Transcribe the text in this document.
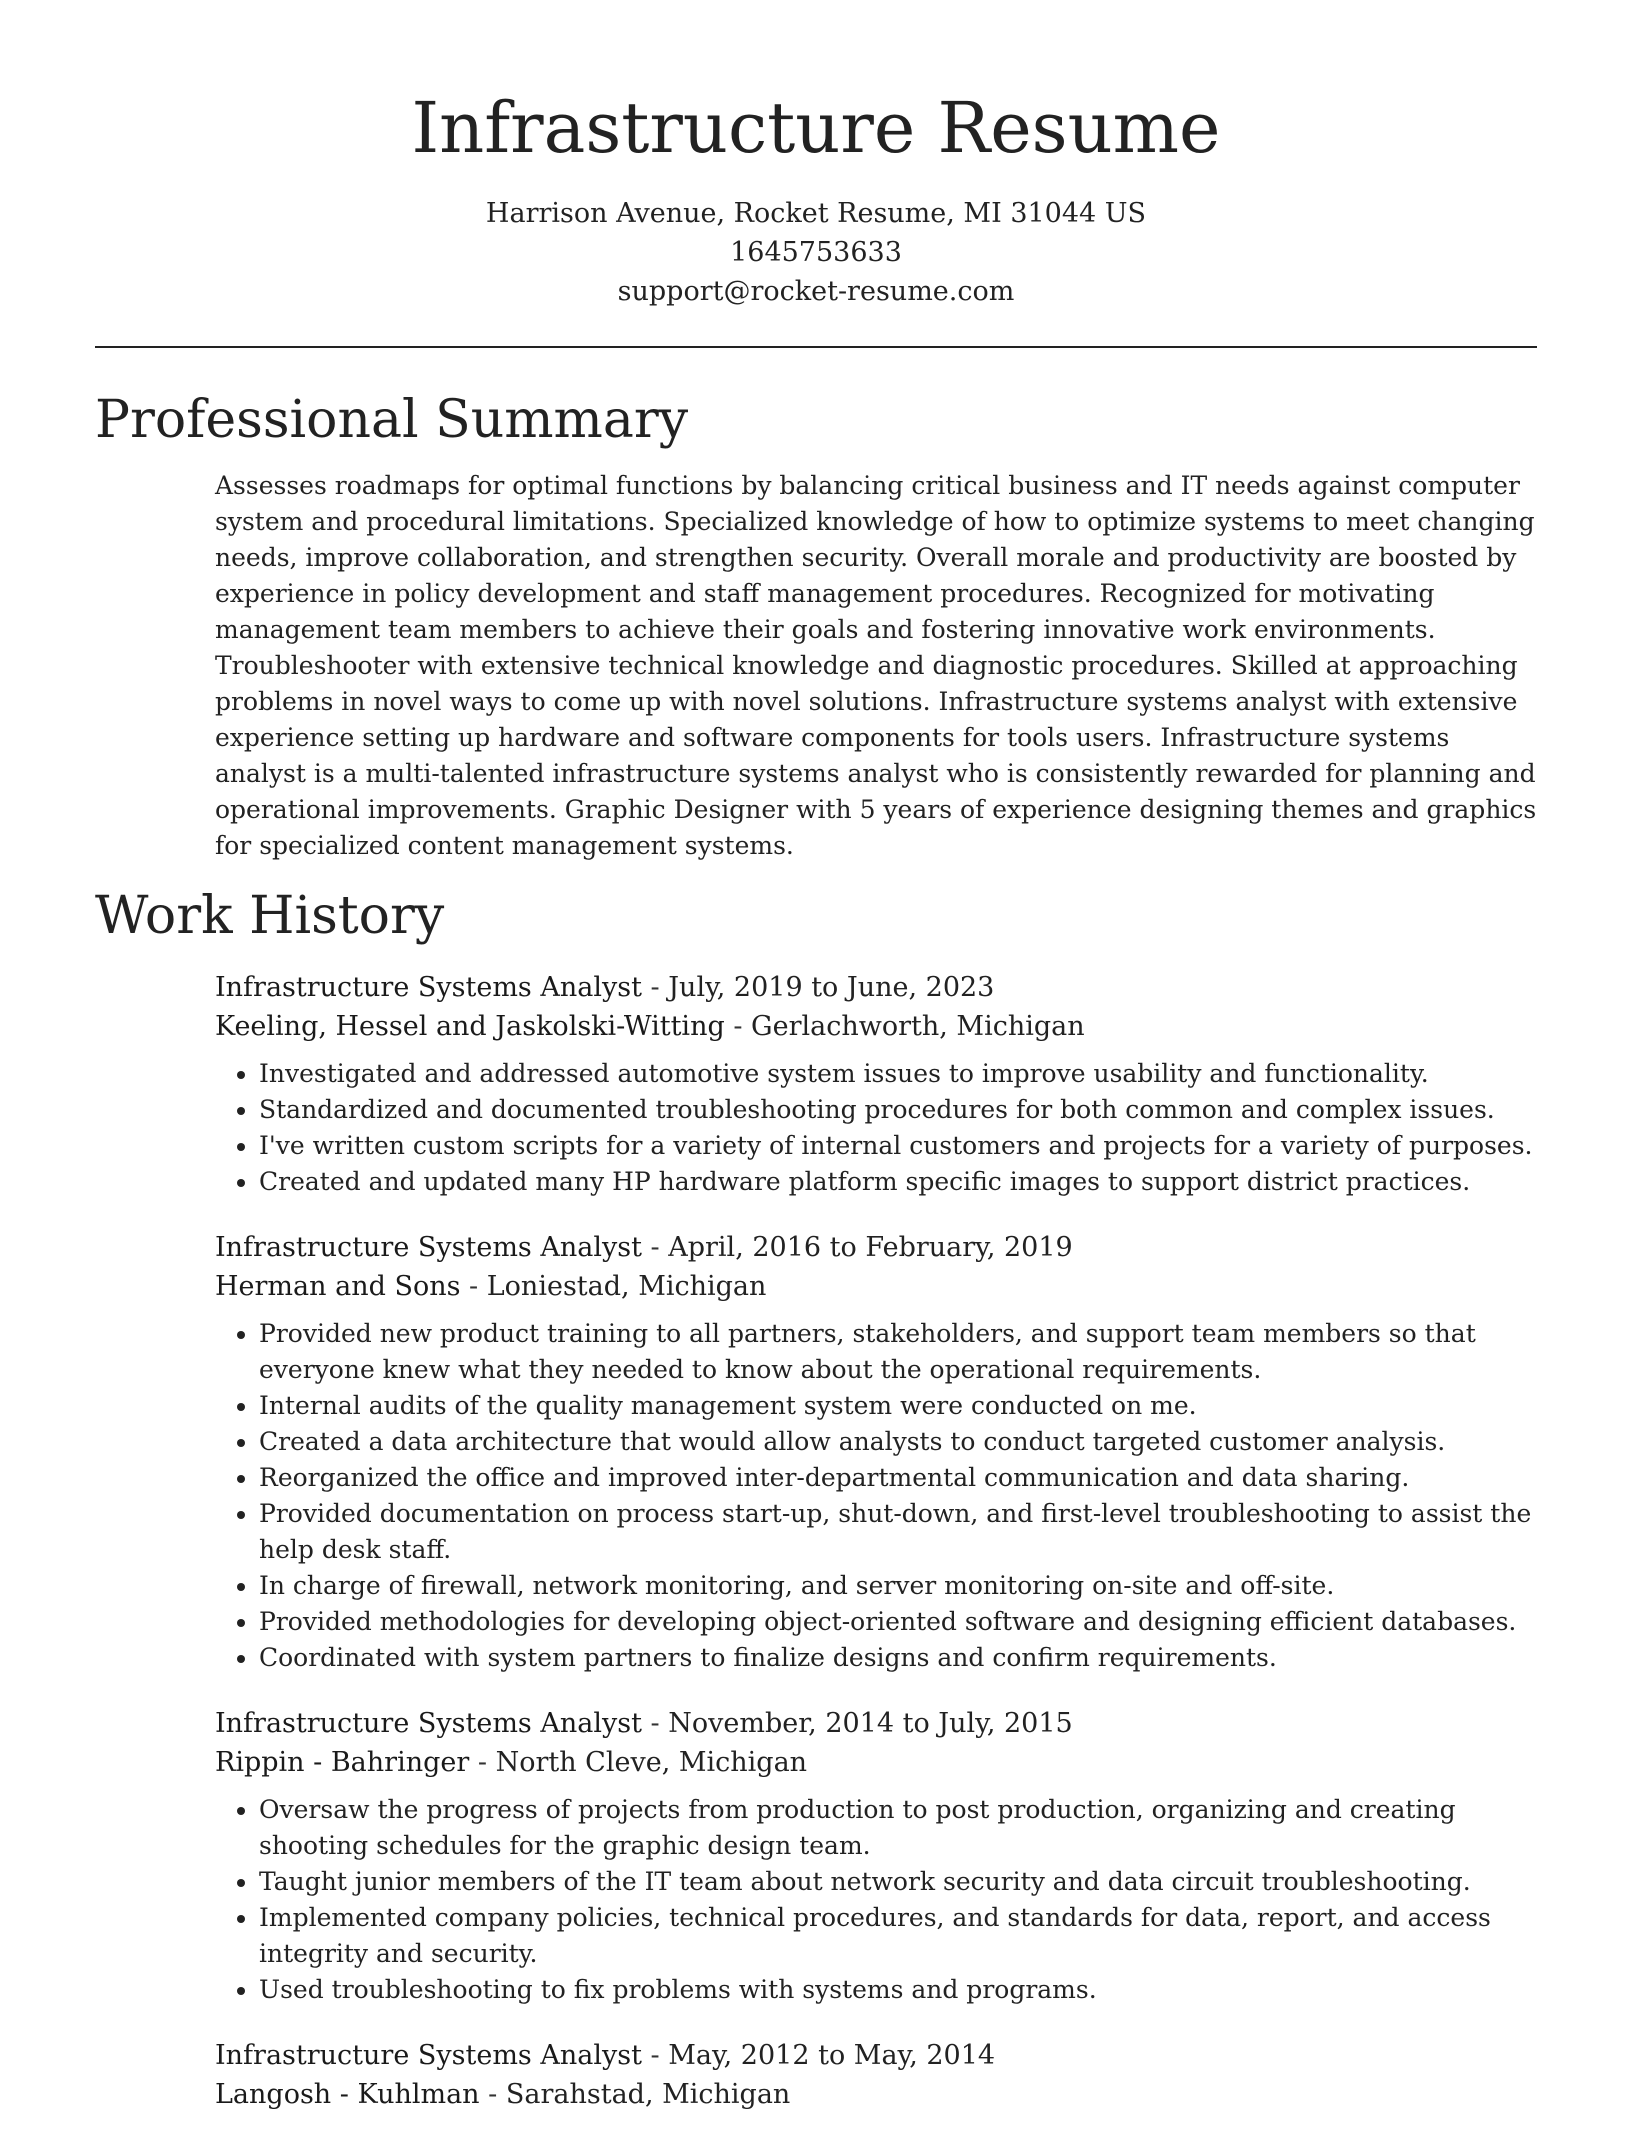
Infrastructure Resume

Harrison Avenue, Rocket Resume, MI 31044 US

1645753633

support@rocket-resume.com

Professional Summary

Assesses roadmaps for optimal functions by balancing critical business and IT needs against computer system and procedural limitations. Specialized knowledge of how to optimize systems to meet changing needs, improve collaboration, and strengthen security. Overall morale and productivity are boosted by experience in policy development and staff management procedures. Recognized for motivating management team members to achieve their goals and fostering innovative work environments. Troubleshooter with extensive technical knowledge and diagnostic procedures. Skilled at approaching problems in novel ways to come up with novel solutions. Infrastructure systems analyst with extensive experience setting up hardware and software components for tools users. Infrastructure systems analyst is a multi-talented infrastructure systems analyst who is consistently rewarded for planning and operational improvements. Graphic Designer with 5 years of experience designing themes and graphics for specialized content management systems.

Work History

Infrastructure Systems Analyst - July, 2019 to June, 2023

Keeling, Hessel and Jaskolski-Witting - Gerlachworth, Michigan

• Investigated and addressed automotive system issues to improve usability and functionality.
• Standardized and documented troubleshooting procedures for both common and complex issues.
• I've written custom scripts for a variety of internal customers and projects for a variety of purposes.
• Created and updated many HP hardware platform specific images to support district practices.

Infrastructure Systems Analyst - April, 2016 to February, 2019

Herman and Sons - Loniestad, Michigan

• Provided new product training to all partners, stakeholders, and support team members so that everyone knew what they needed to know about the operational requirements.
• Internal audits of the quality management system were conducted on me.
• Created a data architecture that would allow analysts to conduct targeted customer analysis.
• Reorganized the office and improved inter-departmental communication and data sharing.
• Provided documentation on process start-up, shut-down, and first-level troubleshooting to assist the help desk staff.
• In charge of firewall, network monitoring, and server monitoring on-site and off-site.
• Provided methodologies for developing object-oriented software and designing efficient databases.
• Coordinated with system partners to finalize designs and confirm requirements.

Infrastructure Systems Analyst - November, 2014 to July, 2015

Rippin - Bahringer - North Cleve, Michigan

• Oversaw the progress of projects from production to post production, organizing and creating shooting schedules for the graphic design team.
• Taught junior members of the IT team about network security and data circuit troubleshooting.
• Implemented company policies, technical procedures, and standards for data, report, and access integrity and security.
• Used troubleshooting to fix problems with systems and programs.

Infrastructure Systems Analyst - May, 2012 to May, 2014

Langosh - Kuhlman - Sarahstad, Michigan
